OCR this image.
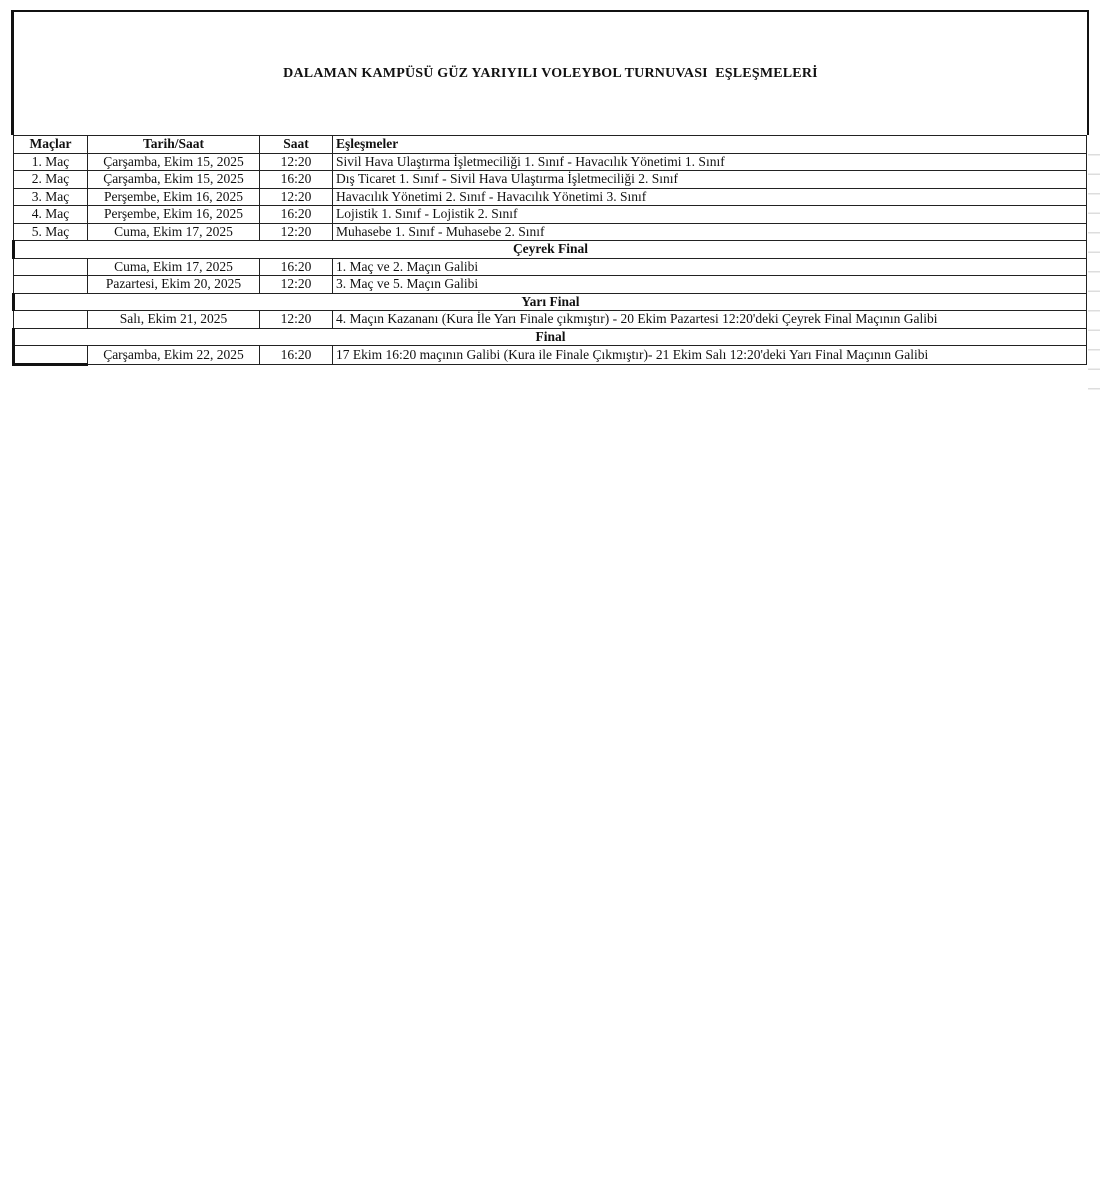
DALAMAN KAMPÜSÜ GÜZ YARIYILI VOLEYBOL TURNUVASI  EŞLEŞMELERİ
Maçlar	Tarih/Saat	Saat	Eşleşmeler
1. Maç	Çarşamba, Ekim 15, 2025	12:20	Sivil Hava Ulaştırma İşletmeciliği 1. Sınıf - Havacılık Yönetimi 1. Sınıf
2. Maç	Çarşamba, Ekim 15, 2025	16:20	Dış Ticaret 1. Sınıf - Sivil Hava Ulaştırma İşletmeciliği 2. Sınıf
3. Maç	Perşembe, Ekim 16, 2025	12:20	Havacılık Yönetimi 2. Sınıf - Havacılık Yönetimi 3. Sınıf
4. Maç	Perşembe, Ekim 16, 2025	16:20	Lojistik 1. Sınıf - Lojistik 2. Sınıf
5. Maç	Cuma, Ekim 17, 2025	12:20	Muhasebe 1. Sınıf - Muhasebe 2. Sınıf
Çeyrek Final			
	Cuma, Ekim 17, 2025	16:20	1. Maç ve 2. Maçın Galibi
	Pazartesi, Ekim 20, 2025	12:20	3. Maç ve 5. Maçın Galibi
Yarı Final			
	Salı, Ekim 21, 2025	12:20	4. Maçın Kazananı (Kura İle Yarı Finale çıkmıştır) - 20 Ekim Pazartesi 12:20'deki Çeyrek Final Maçının Galibi
Final			
	Çarşamba, Ekim 22, 2025	16:20	17 Ekim 16:20 maçının Galibi (Kura ile Finale Çıkmıştır)- 21 Ekim Salı 12:20'deki Yarı Final Maçının Galibi
